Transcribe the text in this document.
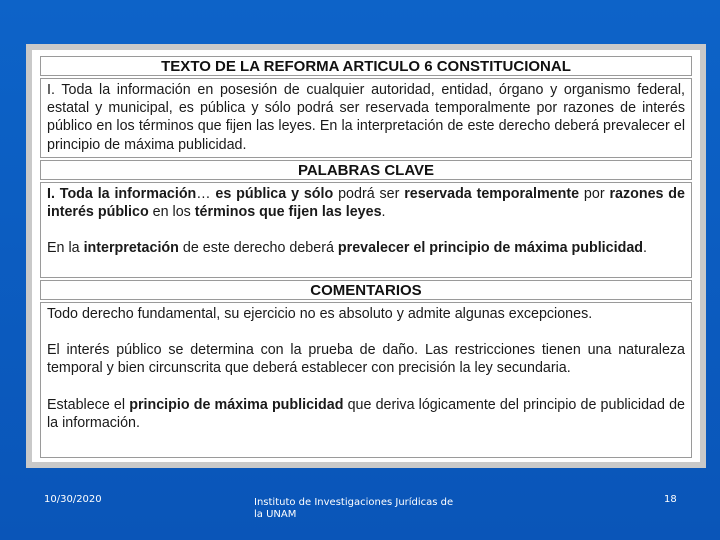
TEXTO DE LA REFORMA ARTICULO 6 CONSTITUCIONAL

I. Toda la información en posesión de cualquier autoridad, entidad, órgano y organismo federal, estatal y municipal, es pública y sólo podrá ser reservada temporalmente por razones de interés público en los términos que fijen las leyes. En la interpretación de este derecho deberá prevalecer el principio de máxima publicidad.

PALABRAS CLAVE

I. Toda la información… es pública y sólo podrá ser reservada temporalmente por razones de interés público en los términos que fijen las leyes.

En la interpretación de este derecho deberá prevalecer el principio de máxima publicidad.

COMENTARIOS

Todo derecho fundamental, su ejercicio no es absoluto y admite algunas excepciones.

El interés público se determina con la prueba de daño. Las restricciones tienen una naturaleza temporal y bien circunscrita que deberá establecer con precisión la ley secundaria.

Establece el principio de máxima publicidad que deriva lógicamente del principio de publicidad de la información.

10/30/2020	Instituto de Investigaciones Jurídicas de
la UNAM
18
